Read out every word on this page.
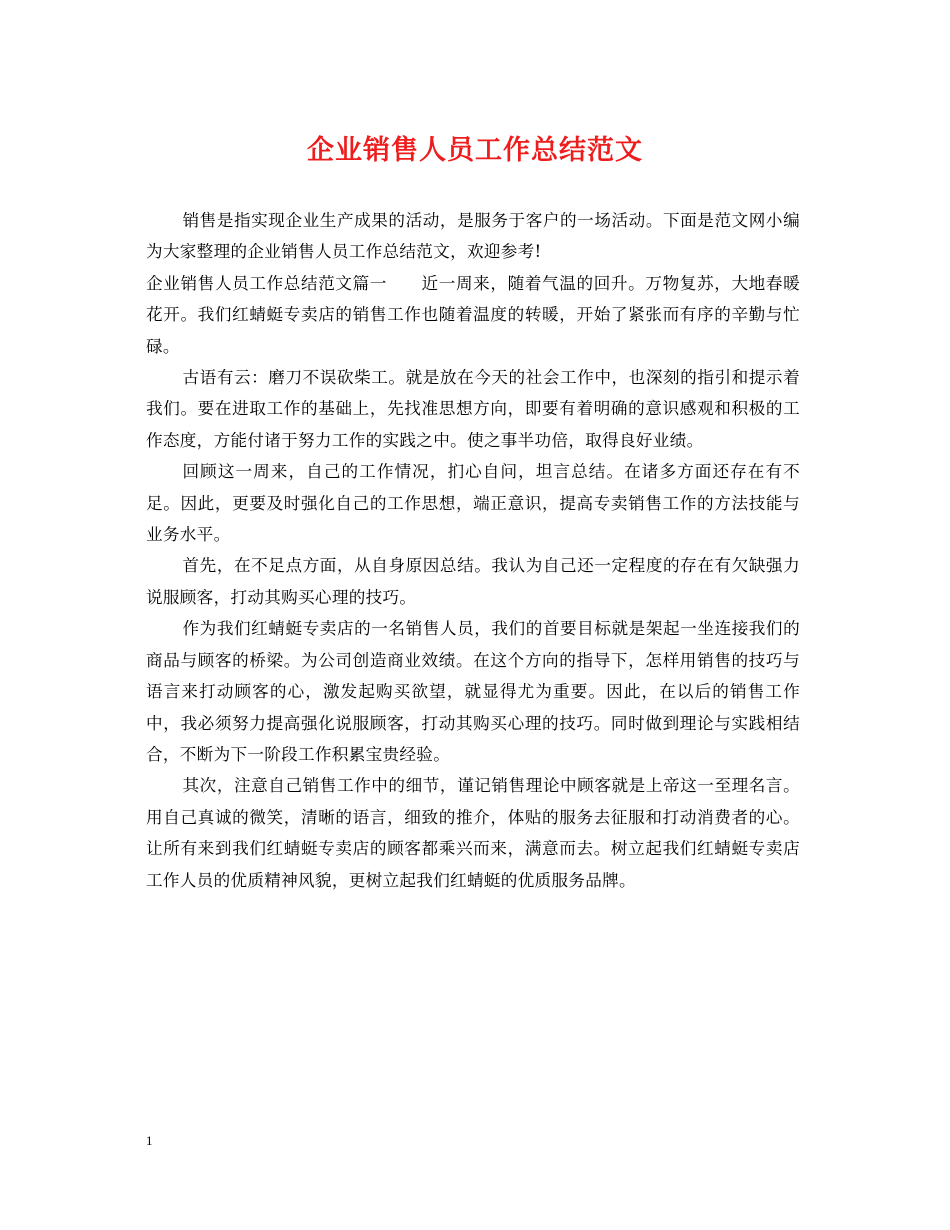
企业销售人员工作总结范文

销售是指实现企业生产成果的活动，是服务于客户的一场活动。下面是范文网小编为大家整理的企业销售人员工作总结范文，欢迎参考!

企业销售人员工作总结范文篇一　　近一周来，随着气温的回升。万物复苏，大地春暖花开。我们红蜻蜓专卖店的销售工作也随着温度的转暖，开始了紧张而有序的辛勤与忙碌。

古语有云：磨刀不误砍柴工。就是放在今天的社会工作中，也深刻的指引和提示着我们。要在进取工作的基础上，先找准思想方向，即要有着明确的意识感观和积极的工作态度，方能付诸于努力工作的实践之中。使之事半功倍，取得良好业绩。

回顾这一周来，自己的工作情况，扪心自问，坦言总结。在诸多方面还存在有不足。因此，更要及时强化自己的工作思想，端正意识，提高专卖销售工作的方法技能与业务水平。

首先，在不足点方面，从自身原因总结。我认为自己还一定程度的存在有欠缺强力说服顾客，打动其购买心理的技巧。

作为我们红蜻蜓专卖店的一名销售人员，我们的首要目标就是架起一坐连接我们的商品与顾客的桥梁。为公司创造商业效绩。在这个方向的指导下，怎样用销售的技巧与语言来打动顾客的心，激发起购买欲望，就显得尤为重要。因此，在以后的销售工作中，我必须努力提高强化说服顾客，打动其购买心理的技巧。同时做到理论与实践相结合，不断为下一阶段工作积累宝贵经验。

其次，注意自己销售工作中的细节，谨记销售理论中顾客就是上帝这一至理名言。用自己真诚的微笑，清晰的语言，细致的推介，体贴的服务去征服和打动消费者的心。让所有来到我们红蜻蜓专卖店的顾客都乘兴而来，满意而去。树立起我们红蜻蜓专卖店工作人员的优质精神风貌，更树立起我们红蜻蜓的优质服务品牌。

1
